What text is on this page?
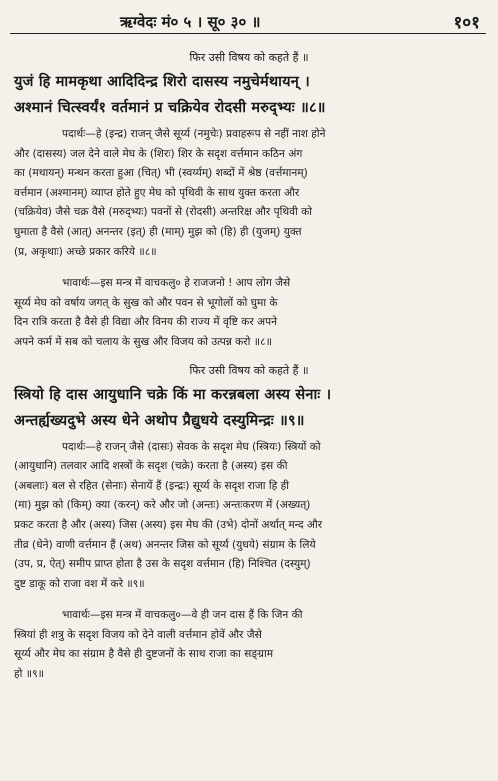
ऋग्वेदः मं० ५ । सू० ३० ॥	१०१
फिर उसी विषय को कहते हैं ॥

युजं हि मामकृथा आदिदिन्द्र शिरो दासस्य नमुचेर्मथायन् ।

अश्मानं चित्स्वर्यं१ वर्तमानं प्र चक्रियेव रोदसी मरुद्भ्यः ॥८॥

पदार्थः—हे (इन्द्र) राजन् जैसे सूर्य्य (नमुचेः) प्रवाहरूप से नहीं नाश होने
और (दासस्य) जल देने वाले मेघ के (शिरः) शिर के सदृश वर्त्तमान कठिन अंग
का (मथायन्) मन्थन करता हुआ (चित्) भी (स्वर्य्यम्) शब्दों में श्रेष्ठ (वर्त्तमानम्)
वर्त्तमान (अश्मानम्) व्याप्त होते हुए मेघ को पृथिवी के साथ युक्त करता और
(चक्रियेव) जैसे चक्र वैसे (मरुद्भ्यः) पवनों से (रोदसी) अन्तरिक्ष और पृथिवी को
घुमाता है वैसे (आत्) अनन्तर (इत्) ही (माम्) मुझ को (हि) ही (युजम्) युक्त
(प्र, अकृथाः) अच्छे प्रकार करिये ॥८॥
भावार्थः—इस मन्त्र में वाचकलु० हे राजजनो ! आप लोग जैसे
सूर्य्य मेघ को वर्षाय जगत् के सुख को और पवन से भूगोलों को घुमा के
दिन रात्रि करता है वैसे ही विद्या और विनय की राज्य में वृष्टि कर अपने
अपने कर्म में सब को चलाय के सुख और विजय को उत्पन्न करो ॥८॥
फिर उसी विषय को कहते हैं ॥

स्त्रियो हि दास आयुधानि चक्रे किं मा करन्नबला अस्य सेनाः ।

अन्तर्ह्यख्यदुभे अस्य धेने अथोप प्रैद्युधये दस्युमिन्द्रः ॥९॥

पदार्थः—हे राजन् जैसे (दासः) सेवक के सदृश मेघ (स्त्रियः) स्त्रियों को
(आयुधानि) तलवार आदि शस्त्रों के सदृश (चक्रे) करता है (अस्य) इस की
(अबलाः) बल से रहित (सेनाः) सेनायें हैं (इन्द्रः) सूर्य्य के सदृश राजा हि ही
(मा) मुझ को (किम्) क्या (करन्) करे और जो (अन्तः) अन्तःकरण में (अख्यत्)
प्रकट करता है और (अस्य) जिस (अस्य) इस मेघ की (उभे) दोनों अर्थात् मन्द और
तीव्र (धेने) वाणी वर्त्तमान हैं (अथ) अनन्तर जिस को सूर्य्य (युधये) संग्राम के लिये
(उप, प्र, ऐत्) समीप प्राप्त होता है उस के सदृश वर्त्तमान (हि) निश्चित (दस्युम्)
दुष्ट डाकू को राजा वश में करे ॥९॥
भावार्थः—इस मन्त्र में वाचकलु०—वे ही जन दास हैं कि जिन की
स्त्रियां ही शत्रु के सदृश विजय को देने वाली वर्त्तमान होवें और जैसे
सूर्य्य और मेघ का संग्राम है वैसे ही दुष्टजनों के साथ राजा का सङ्ग्राम
हो ॥९॥
